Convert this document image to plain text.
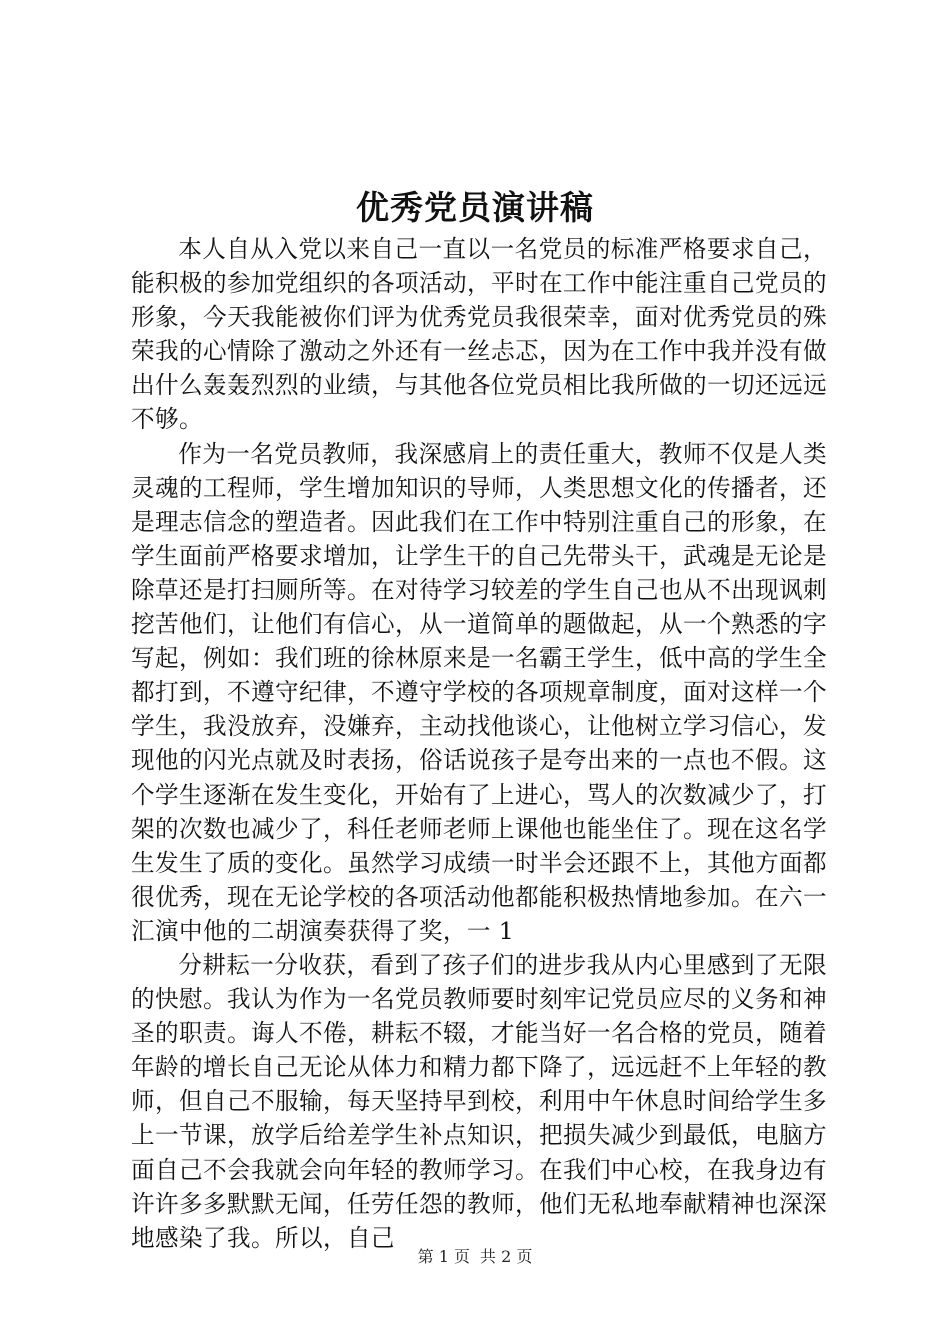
优秀党员演讲稿

本人自从入党以来自己一直以一名党员的标准严格要求自己，能积极的参加党组织的各项活动，平时在工作中能注重自己党员的形象，今天我能被你们评为优秀党员我很荣幸，面对优秀党员的殊荣我的心情除了激动之外还有一丝忐忑，因为在工作中我并没有做出什么轰轰烈烈的业绩，与其他各位党员相比我所做的一切还远远不够。

作为一名党员教师，我深感肩上的责任重大，教师不仅是人类灵魂的工程师，学生增加知识的导师，人类思想文化的传播者，还是理志信念的塑造者。因此我们在工作中特别注重自己的形象，在学生面前严格要求增加，让学生干的自己先带头干，武魂是无论是除草还是打扫厕所等。在对待学习较差的学生自己也从不出现讽刺挖苦他们，让他们有信心，从一道简单的题做起，从一个熟悉的字写起，例如：我们班的徐林原来是一名霸王学生，低中高的学生全都打到，不遵守纪律，不遵守学校的各项规章制度，面对这样一个学生，我没放弃，没嫌弃，主动找他谈心，让他树立学习信心，发现他的闪光点就及时表扬，俗话说孩子是夸出来的一点也不假。这个学生逐渐在发生变化，开始有了上进心，骂人的次数减少了，打架的次数也减少了，科任老师老师上课他也能坐住了。现在这名学生发生了质的变化。虽然学习成绩一时半会还跟不上，其他方面都很优秀，现在无论学校的各项活动他都能积极热情地参加。在六一汇演中他的二胡演奏获得了奖，一 1

分耕耘一分收获，看到了孩子们的进步我从内心里感到了无限的快慰。我认为作为一名党员教师要时刻牢记党员应尽的义务和神圣的职责。诲人不倦，耕耘不辍，才能当好一名合格的党员，随着年龄的增长自己无论从体力和精力都下降了，远远赶不上年轻的教师，但自己不服输，每天坚持早到校，利用中午休息时间给学生多上一节课，放学后给差学生补点知识，把损失减少到最低，电脑方面自己不会我就会向年轻的教师学习。在我们中心校，在我身边有许许多多默默无闻，任劳任怨的教师，他们无私地奉献精神也深深地感染了我。所以，自己

第 1 页 共 2 页
